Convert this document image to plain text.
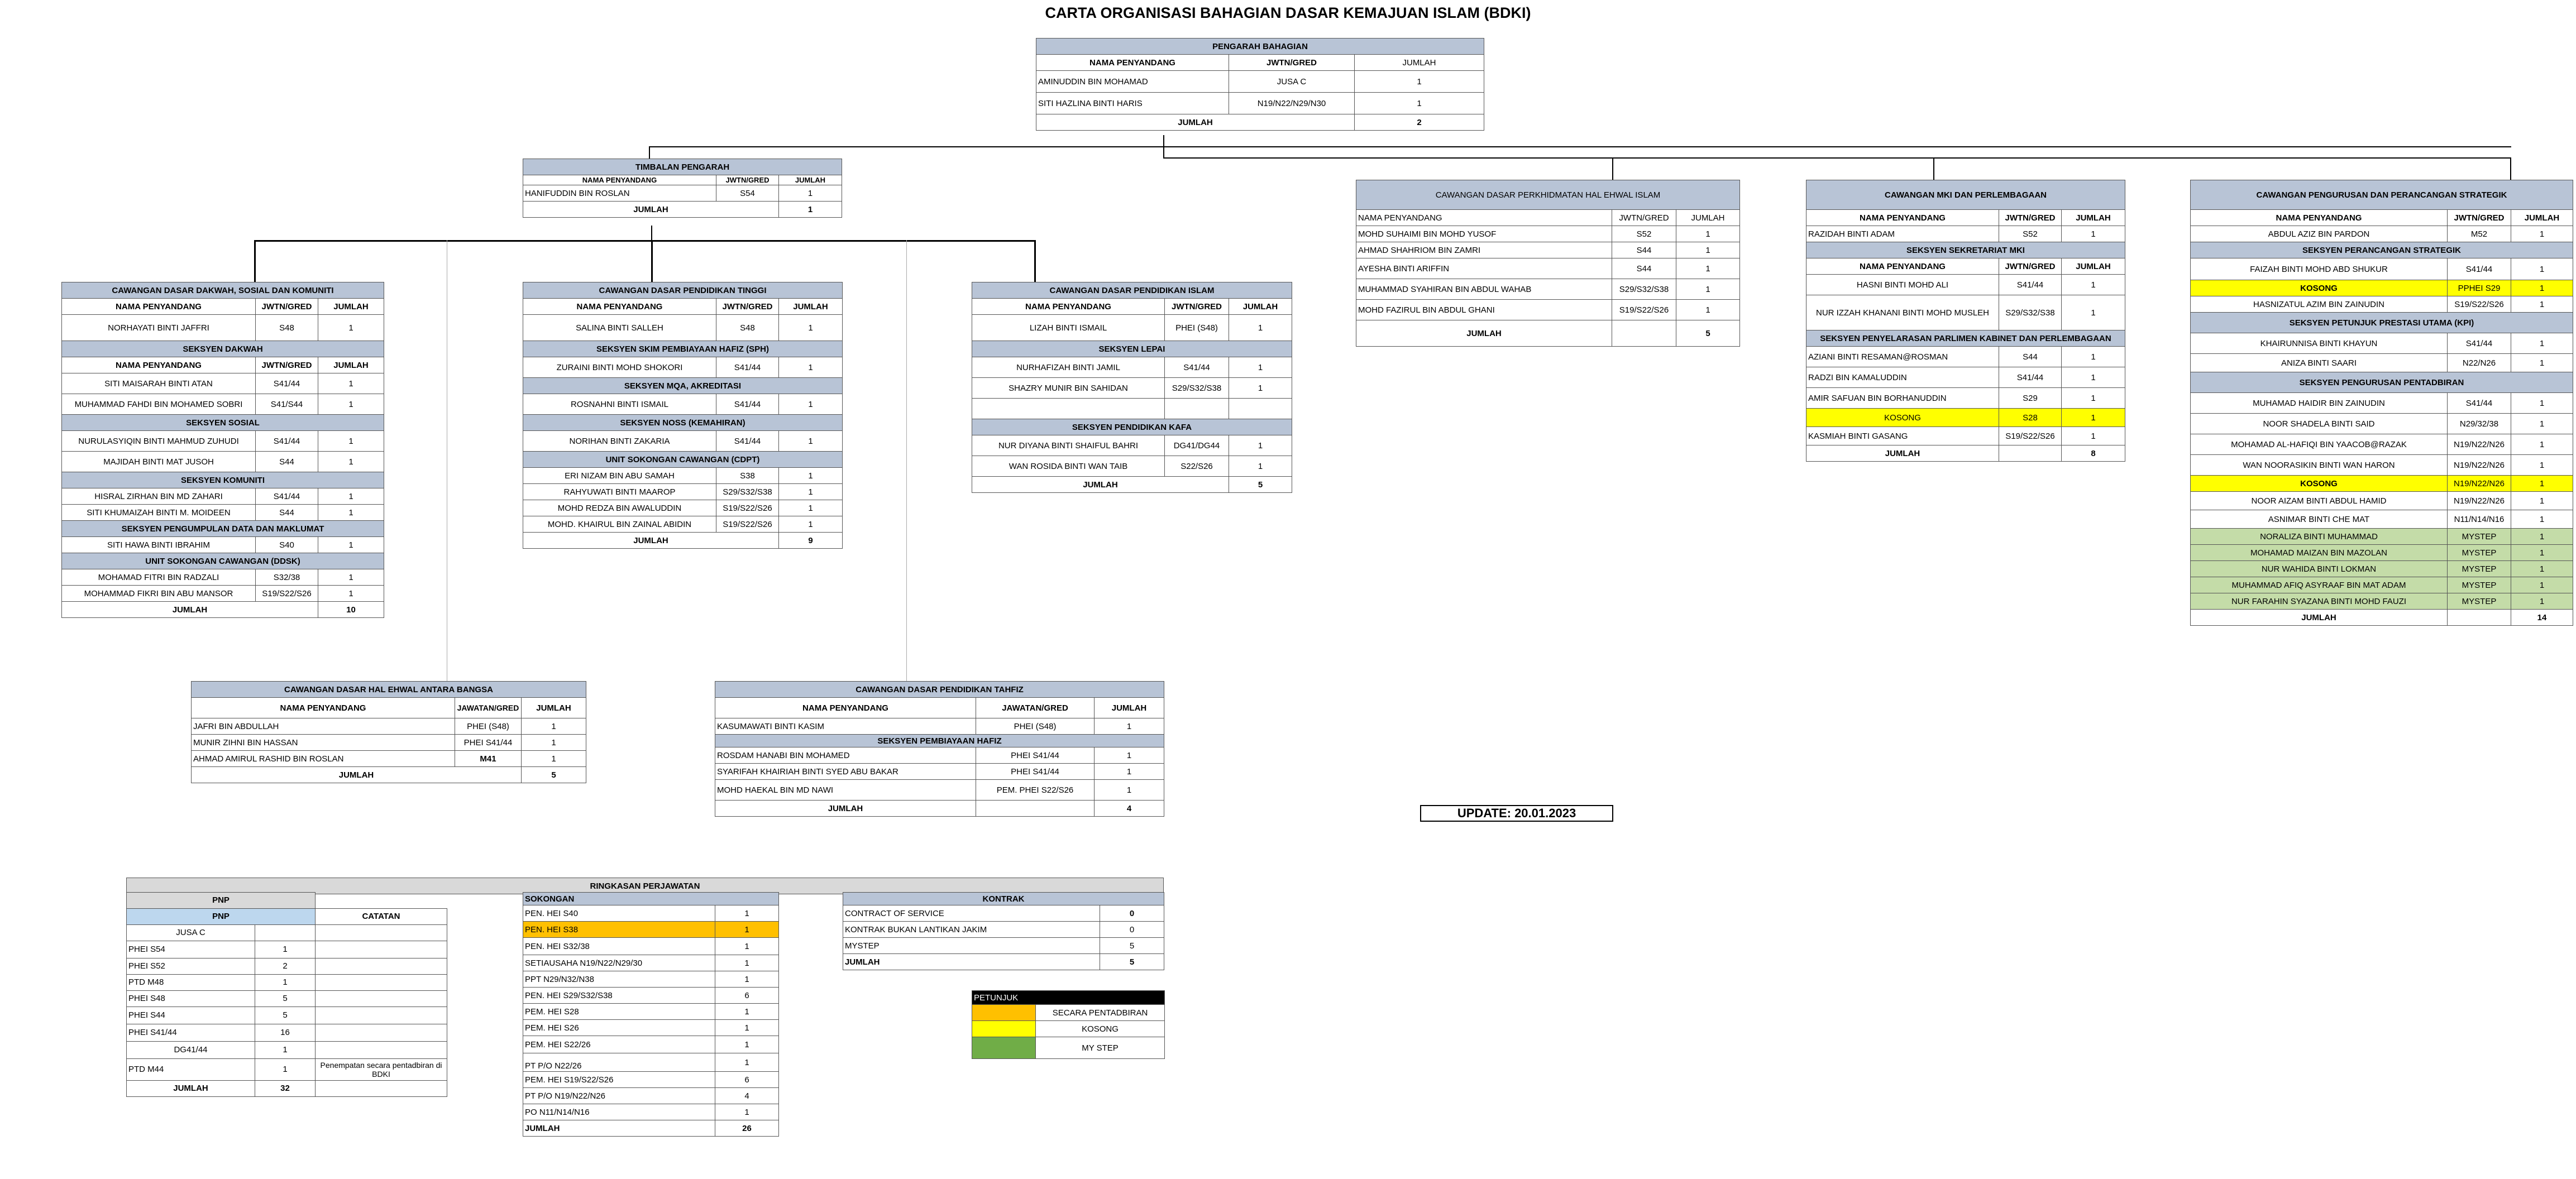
CARTA ORGANISASI BAHAGIAN DASAR KEMAJUAN ISLAM (BDKI)
PENGARAH BAHAGIAN		
NAMA PENYANDANG	JWTN/GRED	JUMLAH
AMINUDDIN BIN MOHAMAD	JUSA C	1
SITI HAZLINA BINTI HARIS	N19/N22/N29/N30	1
JUMLAH		2
TIMBALAN PENGARAH		
NAMA PENYANDANG	JWTN/GRED	JUMLAH
HANIFUDDIN BIN ROSLAN	S54	1
JUMLAH		1
CAWANGAN DASAR DAKWAH, SOSIAL DAN KOMUNITI		
NAMA PENYANDANG	JWTN/GRED	JUMLAH
NORHAYATI BINTI JAFFRI	S48	1
SEKSYEN DAKWAH		
NAMA PENYANDANG	JWTN/GRED	JUMLAH
SITI MAISARAH BINTI ATAN	S41/44	1
MUHAMMAD FAHDI BIN MOHAMED SOBRI	S41/S44	1
SEKSYEN SOSIAL		
NURULASYIQIN BINTI MAHMUD ZUHUDI	S41/44	1
MAJIDAH BINTI MAT JUSOH	S44	1
SEKSYEN KOMUNITI		
HISRAL ZIRHAN BIN MD ZAHARI	S41/44	1
SITI KHUMAIZAH BINTI M. MOIDEEN	S44	1
SEKSYEN PENGUMPULAN DATA DAN MAKLUMAT		
SITI HAWA BINTI IBRAHIM	S40	1
UNIT SOKONGAN CAWANGAN (DDSK)		
MOHAMAD FITRI BIN RADZALI	S32/38	1
MOHAMMAD FIKRI BIN ABU MANSOR	S19/S22/S26	1
JUMLAH		10
CAWANGAN DASAR PENDIDIKAN TINGGI		
NAMA PENYANDANG	JWTN/GRED	JUMLAH
SALINA BINTI SALLEH	S48	1
SEKSYEN SKIM PEMBIAYAAN HAFIZ (SPH)		
ZURAINI BINTI MOHD SHOKORI	S41/44	1
SEKSYEN MQA, AKREDITASI		
ROSNAHNI BINTI ISMAIL	S41/44	1
SEKSYEN NOSS (KEMAHIRAN)		
NORIHAN BINTI ZAKARIA	S41/44	1
UNIT SOKONGAN CAWANGAN (CDPT)		
ERI NIZAM BIN ABU SAMAH	S38	1
RAHYUWATI BINTI MAAROP	S29/S32/S38	1
MOHD REDZA BIN AWALUDDIN	S19/S22/S26	1
MOHD. KHAIRUL BIN ZAINAL ABIDIN	S19/S22/S26	1
JUMLAH		9
CAWANGAN DASAR PENDIDIKAN ISLAM		
NAMA PENYANDANG	JWTN/GRED	JUMLAH
LIZAH BINTI ISMAIL	PHEI (S48)	1
SEKSYEN LEPAI		
NURHAFIZAH BINTI JAMIL	S41/44	1
SHAZRY MUNIR BIN SAHIDAN	S29/S32/S38	1

SEKSYEN PENDIDIKAN KAFA		
NUR DIYANA BINTI SHAIFUL BAHRI	DG41/DG44	1
WAN ROSIDA BINTI WAN TAIB	S22/S26	1
JUMLAH		5
CAWANGAN DASAR PERKHIDMATAN HAL EHWAL ISLAM		
NAMA PENYANDANG	JWTN/GRED	JUMLAH
MOHD SUHAIMI BIN MOHD YUSOF	S52	1
AHMAD SHAHRIOM BIN ZAMRI	S44	1
AYESHA BINTI ARIFFIN	S44	1
MUHAMMAD SYAHIRAN BIN ABDUL WAHAB	S29/S32/S38	1
MOHD FAZIRUL BIN ABDUL GHANI	S19/S22/S26	1
JUMLAH		5
CAWANGAN MKI DAN PERLEMBAGAAN		
NAMA PENYANDANG	JWTN/GRED	JUMLAH
RAZIDAH BINTI ADAM	S52	1
SEKSYEN SEKRETARIAT MKI		
NAMA PENYANDANG	JWTN/GRED	JUMLAH
HASNI BINTI MOHD ALI	S41/44	1
NUR IZZAH KHANANI BINTI MOHD MUSLEH	S29/S32/S38	1
SEKSYEN PENYELARASAN PARLIMEN KABINET DAN PERLEMBAGAAN		
AZIANI BINTI RESAMAN@ROSMAN	S44	1
RADZI BIN KAMALUDDIN	S41/44	1
AMIR SAFUAN BIN BORHANUDDIN	S29	1
KOSONG	S28	1
KASMIAH BINTI GASANG	S19/S22/S26	1
JUMLAH		8
CAWANGAN PENGURUSAN DAN PERANCANGAN STRATEGIK		
NAMA PENYANDANG	JWTN/GRED	JUMLAH
ABDUL AZIZ BIN PARDON	M52	1
SEKSYEN PERANCANGAN STRATEGIK		
FAIZAH BINTI MOHD ABD SHUKUR	S41/44	1
KOSONG	PPHEI S29	1
HASNIZATUL AZIM BIN ZAINUDIN	S19/S22/S26	1
SEKSYEN PETUNJUK PRESTASI UTAMA (KPI)		
KHAIRUNNISA BINTI KHAYUN	S41/44	1
ANIZA BINTI SAARI	N22/N26	1
SEKSYEN PENGURUSAN PENTADBIRAN		
MUHAMAD HAIDIR BIN ZAINUDIN	S41/44	1
NOOR SHADELA BINTI SAID	N29/32/38	1
MOHAMAD AL-HAFIQI BIN YAACOB@RAZAK	N19/N22/N26	1
WAN NOORASIKIN BINTI WAN HARON	N19/N22/N26	1
KOSONG	N19/N22/N26	1
NOOR AIZAM BINTI ABDUL HAMID	N19/N22/N26	1
ASNIMAR BINTI CHE MAT	N11/N14/N16	1
NORALIZA BINTI MUHAMMAD	MYSTEP	1
MOHAMAD MAIZAN BIN MAZOLAN	MYSTEP	1
NUR WAHIDA BINTI LOKMAN	MYSTEP	1
MUHAMMAD AFIQ ASYRAAF BIN MAT ADAM	MYSTEP	1
NUR FARAHIN SYAZANA BINTI MOHD FAUZI	MYSTEP	1
JUMLAH		14
CAWANGAN DASAR HAL EHWAL ANTARA BANGSA		
NAMA PENYANDANG	JAWATAN/GRED	JUMLAH
JAFRI BIN ABDULLAH	PHEI (S48)	1
MUNIR ZIHNI BIN HASSAN	PHEI S41/44	1
AHMAD AMIRUL RASHID BIN ROSLAN	M41	1
JUMLAH		5
CAWANGAN DASAR PENDIDIKAN TAHFIZ		
NAMA PENYANDANG	JAWATAN/GRED	JUMLAH
KASUMAWATI BINTI KASIM	PHEI (S48)	1
SEKSYEN PEMBIAYAAN HAFIZ		
ROSDAM HANABI BIN MOHAMED	PHEI S41/44	1
SYARIFAH KHAIRIAH BINTI SYED ABU BAKAR	PHEI S41/44	1
MOHD HAEKAL BIN MD NAWI	PEM. PHEI S22/S26	1
JUMLAH		4	UPDATE: 20.01.2023
RINGKASAN PERJAWATAN
PNP		
PNP		CATATAN
JUSA C		
PHEI S54	1	
PHEI S52	2	
PTD M48	1	
PHEI S48	5	
PHEI S44	5	
PHEI S41/44	16	
DG41/44	1	
PTD M44	1	Penempatan secara pentadbiran di BDKI
JUMLAH	32	
SOKONGAN	
PEN. HEI S40	1
PEN. HEI S38	1
PEN. HEI S32/38	1
SETIAUSAHA N19/N22/N29/30	1
PPT N29/N32/N38	1
PEN. HEI S29/S32/S38	6
PEM. HEI S28	1
PEM. HEI S26	1
PEM. HEI S22/26	1
PT P/O N22/26	1
PEM. HEI S19/S22/S26	6
PT P/O N19/N22/N26	4
PO N11/N14/N16	1
JUMLAH	26
KONTRAK	
CONTRACT OF SERVICE	0
KONTRAK BUKAN LANTIKAN JAKIM	0
MYSTEP	5
JUMLAH	5
PETUNJUK	
	SECARA PENTADBIRAN
	KOSONG
	MY STEP
